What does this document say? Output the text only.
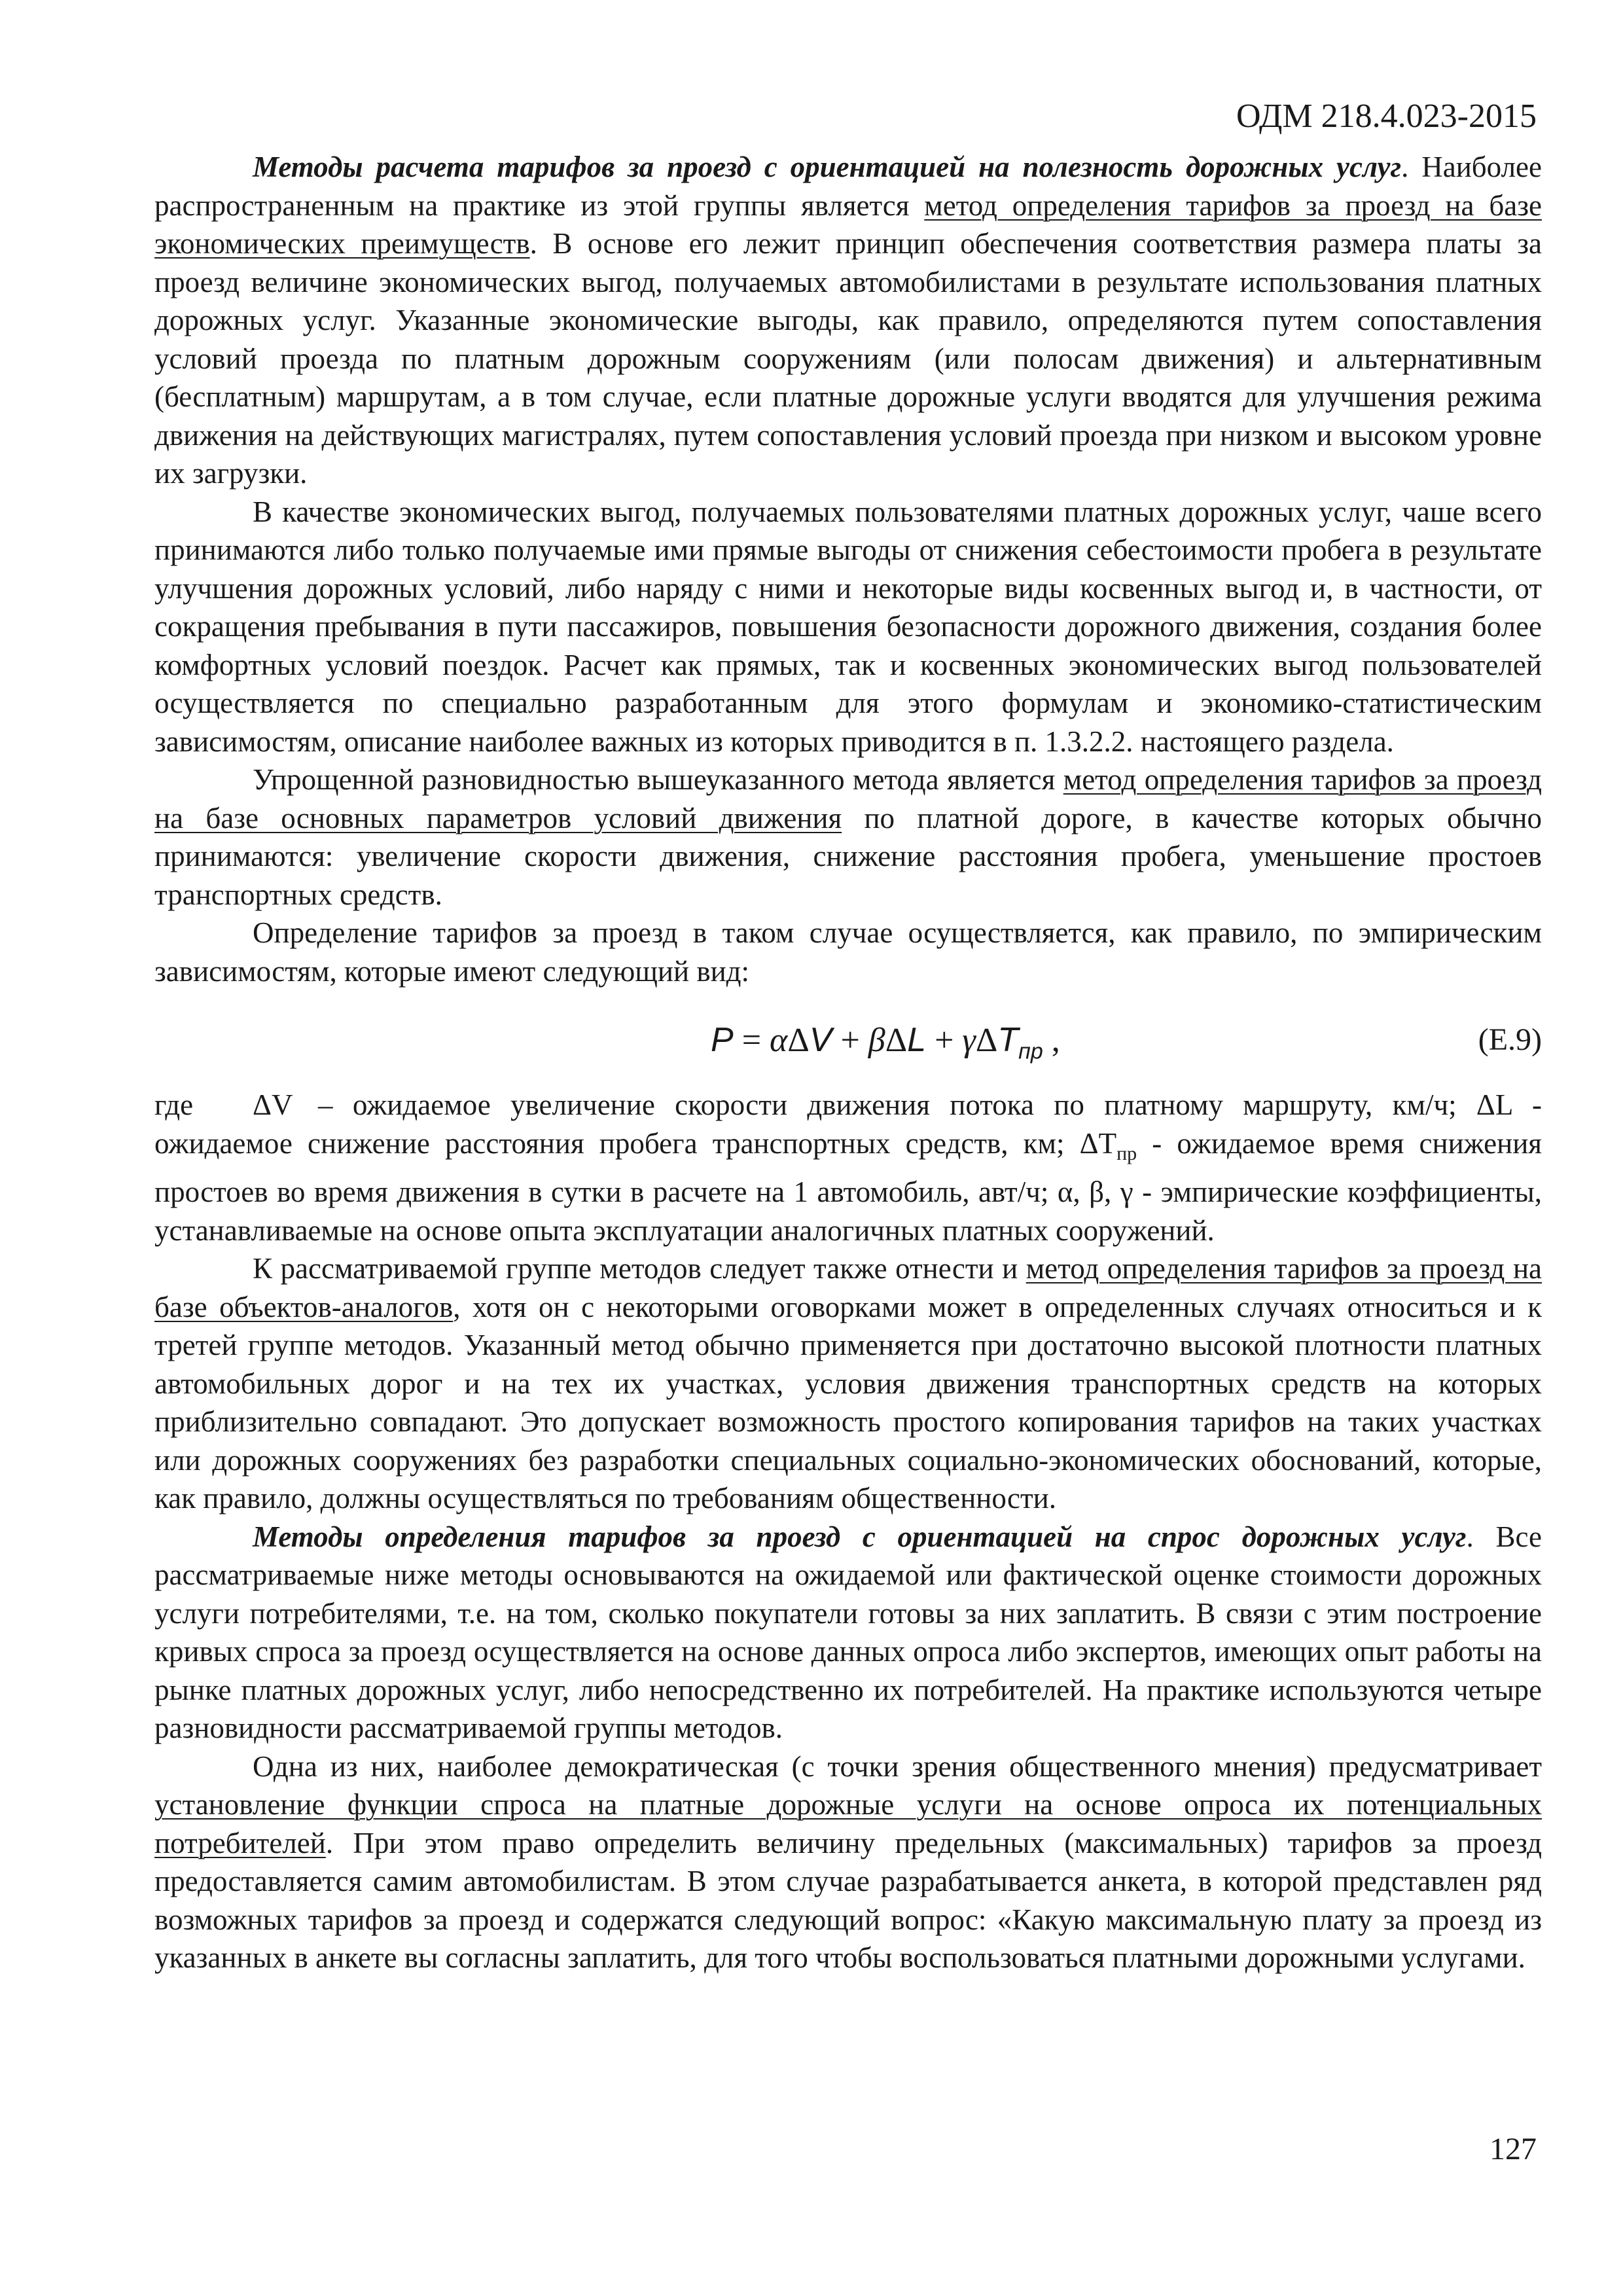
ОДМ 218.4.023-2015

Методы расчета тарифов за проезд с ориентацией на полезность дорожных услуг. Наиболее распространенным на практике из этой группы является метод определения тарифов за проезд на базе экономических преимуществ. В основе его лежит принцип обеспечения соответствия размера платы за проезд величине экономических выгод, получаемых автомобилистами в результате использования платных дорожных услуг. Указанные экономические выгоды, как правило, определяются путем сопоставления условий проезда по платным дорожным сооружениям (или полосам движения) и альтернативным (бесплатным) маршрутам, а в том случае, если платные дорожные услуги вводятся для улучшения режима движения на действующих магистралях, путем сопоставления условий проезда при низком и высоком уровне их загрузки.

В качестве экономических выгод, получаемых пользователями платных дорожных услуг, чаше всего принимаются либо только получаемые ими прямые выгоды от снижения себестоимости пробега в результате улучшения дорожных условий, либо наряду с ними и некоторые виды косвенных выгод и, в частности, от сокращения пребывания в пути пассажиров, повышения безопасности дорожного движения, создания более комфортных условий поездок. Расчет как прямых, так и косвенных экономических выгод пользователей осуществляется по специально разработанным для этого формулам и экономико-статистическим зависимостям, описание наиболее важных из которых приводится в п. 1.3.2.2. настоящего раздела.

Упрощенной разновидностью вышеуказанного метода является метод определения тарифов за проезд на базе основных параметров условий движения по платной дороге, в качестве которых обычно принимаются: увеличение скорости движения, снижение расстояния пробега, уменьшение простоев транспортных средств.

Определение тарифов за проезд в таком случае осуществляется, как правило, по эмпирическим зависимостям, которые имеют следующий вид:

P = αΔV + βΔL + γΔT$_{пр}$ ,	(Е.9)

где ΔV – ожидаемое увеличение скорости движения потока по платному маршруту, км/ч; ΔL - ожидаемое снижение расстояния пробега транспортных средств, км; $\Delta T_{пр}$ - ожидаемое время снижения простоев во время движения в сутки в расчете на 1 автомобиль, авт/ч; α, β, γ - эмпирические коэффициенты, устанавливаемые на основе опыта эксплуатации аналогичных платных сооружений.

К рассматриваемой группе методов следует также отнести и метод определения тарифов за проезд на базе объектов-аналогов, хотя он с некоторыми оговорками может в определенных случаях относиться и к третей группе методов. Указанный метод обычно применяется при достаточно высокой плотности платных автомобильных дорог и на тех их участках, условия движения транспортных средств на которых приблизительно совпадают. Это допускает возможность простого копирования тарифов на таких участках или дорожных сооружениях без разработки специальных социально-экономических обоснований, которые, как правило, должны осуществляться по требованиям общественности.

Методы определения тарифов за проезд с ориентацией на спрос дорожных услуг. Все рассматриваемые ниже методы основываются на ожидаемой или фактической оценке стоимости дорожных услуги потребителями, т.е. на том, сколько покупатели готовы за них заплатить. В связи с этим построение кривых спроса за проезд осуществляется на основе данных опроса либо экспертов, имеющих опыт работы на рынке платных дорожных услуг, либо непосредственно их потребителей. На практике используются четыре разновидности рассматриваемой группы методов.

Одна из них, наиболее демократическая (с точки зрения общественного мнения) предусматривает установление функции спроса на платные дорожные услуги на основе опроса их потенциальных потребителей. При этом право определить величину предельных (максимальных) тарифов за проезд предоставляется самим автомобилистам. В этом случае разрабатывается анкета, в которой представлен ряд возможных тарифов за проезд и содержатся следующий вопрос: «Какую максимальную плату за проезд из указанных в анкете вы согласны заплатить, для того чтобы воспользоваться платными дорожными услугами.

127
